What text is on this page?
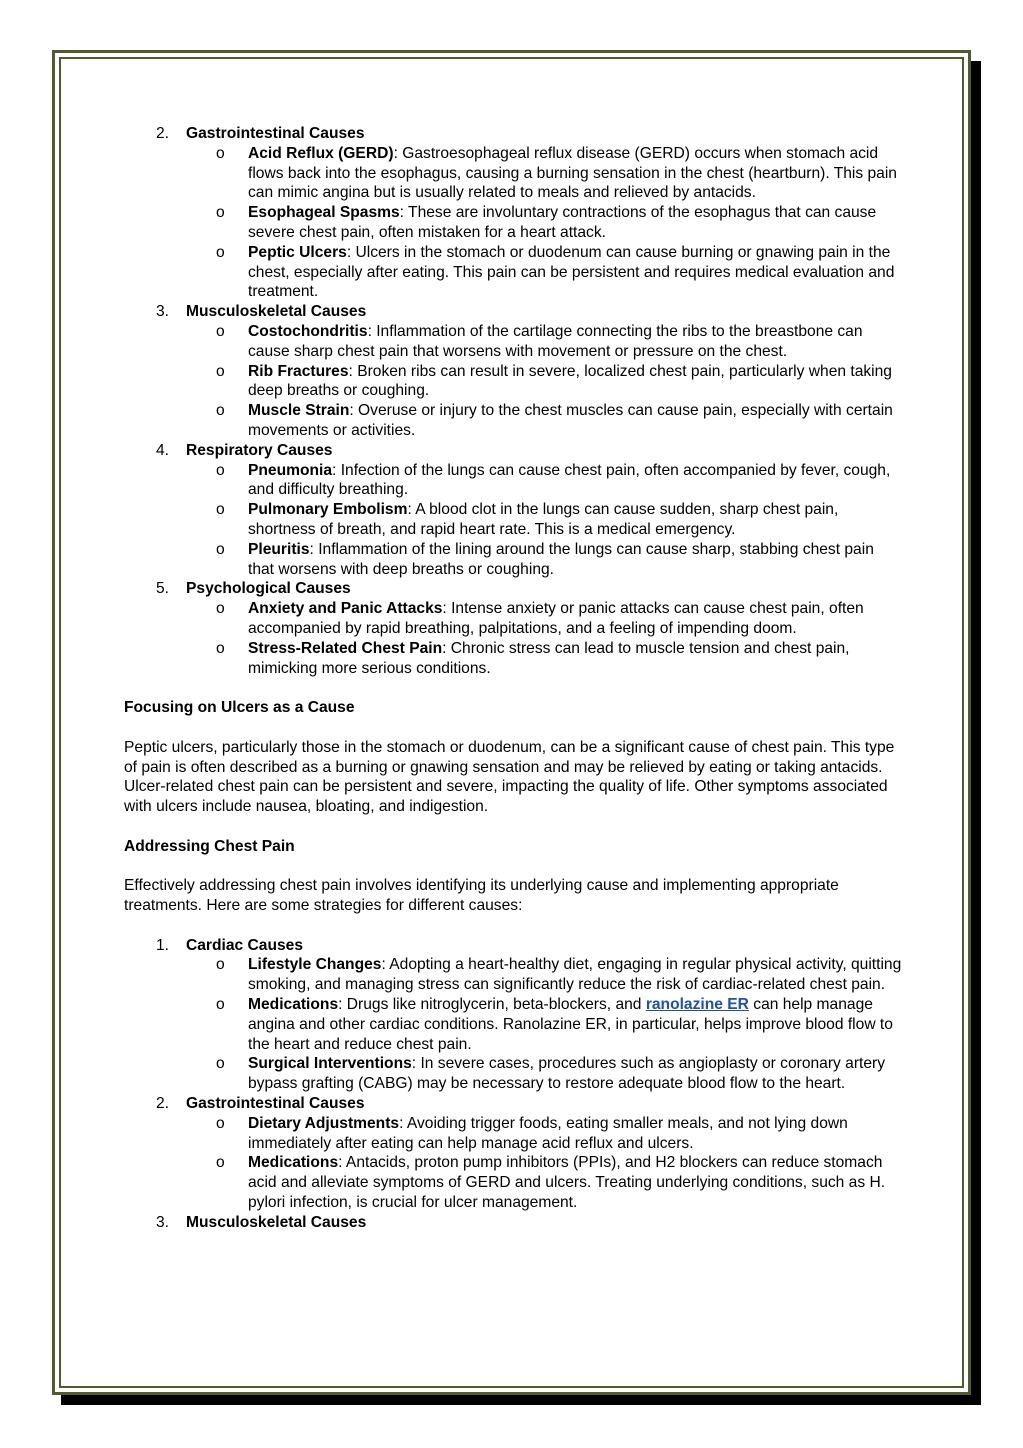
2. Gastrointestinal Causes
o Acid Reflux (GERD): Gastroesophageal reflux disease (GERD) occurs when stomach acid flows back into the esophagus, causing a burning sensation in the chest (heartburn). This pain can mimic angina but is usually related to meals and relieved by antacids.
o Esophageal Spasms: These are involuntary contractions of the esophagus that can cause severe chest pain, often mistaken for a heart attack.
o Peptic Ulcers: Ulcers in the stomach or duodenum can cause burning or gnawing pain in the chest, especially after eating. This pain can be persistent and requires medical evaluation and treatment.
3. Musculoskeletal Causes
o Costochondritis: Inflammation of the cartilage connecting the ribs to the breastbone can cause sharp chest pain that worsens with movement or pressure on the chest.
o Rib Fractures: Broken ribs can result in severe, localized chest pain, particularly when taking deep breaths or coughing.
o Muscle Strain: Overuse or injury to the chest muscles can cause pain, especially with certain movements or activities.
4. Respiratory Causes
o Pneumonia: Infection of the lungs can cause chest pain, often accompanied by fever, cough, and difficulty breathing.
o Pulmonary Embolism: A blood clot in the lungs can cause sudden, sharp chest pain, shortness of breath, and rapid heart rate. This is a medical emergency.
o Pleuritis: Inflammation of the lining around the lungs can cause sharp, stabbing chest pain that worsens with deep breaths or coughing.
5. Psychological Causes
o Anxiety and Panic Attacks: Intense anxiety or panic attacks can cause chest pain, often accompanied by rapid breathing, palpitations, and a feeling of impending doom.
o Stress-Related Chest Pain: Chronic stress can lead to muscle tension and chest pain, mimicking more serious conditions.
Focusing on Ulcers as a Cause
Peptic ulcers, particularly those in the stomach or duodenum, can be a significant cause of chest pain. This type of pain is often described as a burning or gnawing sensation and may be relieved by eating or taking antacids. Ulcer-related chest pain can be persistent and severe, impacting the quality of life. Other symptoms associated with ulcers include nausea, bloating, and indigestion.
Addressing Chest Pain
Effectively addressing chest pain involves identifying its underlying cause and implementing appropriate treatments. Here are some strategies for different causes:
1. Cardiac Causes
o Lifestyle Changes: Adopting a heart-healthy diet, engaging in regular physical activity, quitting smoking, and managing stress can significantly reduce the risk of cardiac-related chest pain.
o Medications: Drugs like nitroglycerin, beta-blockers, and ranolazine ER can help manage angina and other cardiac conditions. Ranolazine ER, in particular, helps improve blood flow to the heart and reduce chest pain.
o Surgical Interventions: In severe cases, procedures such as angioplasty or coronary artery bypass grafting (CABG) may be necessary to restore adequate blood flow to the heart.
2. Gastrointestinal Causes
o Dietary Adjustments: Avoiding trigger foods, eating smaller meals, and not lying down immediately after eating can help manage acid reflux and ulcers.
o Medications: Antacids, proton pump inhibitors (PPIs), and H2 blockers can reduce stomach acid and alleviate symptoms of GERD and ulcers. Treating underlying conditions, such as H. pylori infection, is crucial for ulcer management.
3. Musculoskeletal Causes
